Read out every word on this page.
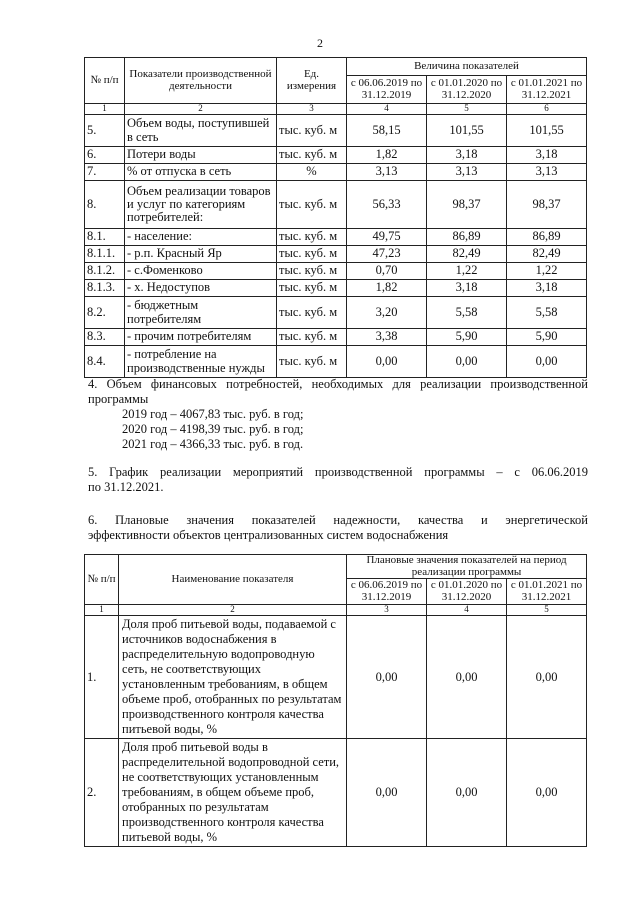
2
№ п/п	Показатели производственной деятельности	Ед. измерения	Величина показателей		
			с 06.06.2019 по 31.12.2019	с 01.01.2020 по 31.12.2020	с 01.01.2021 по 31.12.2021
1	2	3	4	5	6
5.	Объем воды, поступившей в сеть	тыс. куб. м	58,15	101,55	101,55
6.	Потери воды	тыс. куб. м	1,82	3,18	3,18
7.	% от отпуска в сеть	%	3,13	3,13	3,13
8.	Объем реализации товаров и услуг по категориям потребителей:	тыс. куб. м	56,33	98,37	98,37
8.1.	- население:	тыс. куб. м	49,75	86,89	86,89
8.1.1.	- р.п. Красный Яр	тыс. куб. м	47,23	82,49	82,49
8.1.2.	- с.Фоменково	тыс. куб. м	0,70	1,22	1,22
8.1.3.	- х. Недоступов	тыс. куб. м	1,82	3,18	3,18
8.2.	- бюджетным потребителям	тыс. куб. м	3,20	5,58	5,58
8.3.	- прочим потребителям	тыс. куб. м	3,38	5,90	5,90
8.4.	- потребление на производственные нужды	тыс. куб. м	0,00	0,00	0,00
4. Объем финансовых потребностей, необходимых для реализации производственной
программы
2019 год – 4067,83 тыс. руб. в год;
2020 год – 4198,39 тыс. руб. в год;
2021 год – 4366,33 тыс. руб. в год.
5. График реализации мероприятий производственной программы – с 06.06.2019
по 31.12.2021.
6. Плановые значения показателей надежности, качества и энергетической
эффективности объектов централизованных систем водоснабжения
№ п/п	Наименование показателя	Плановые значения показателей на период реализации программы		
		с 06.06.2019 по 31.12.2019	с 01.01.2020 по 31.12.2020	с 01.01.2021 по 31.12.2021
1	2	3	4	5
1.	Доля проб питьевой воды, подаваемой с источников водоснабжения в распределительную водопроводную сеть, не соответствующих установленным требованиям, в общем объеме проб, отобранных по результатам производственного контроля качества питьевой воды, %	0,00	0,00	0,00
2.	Доля проб питьевой воды в распределительной водопроводной сети, не соответствующих установленным требованиям, в общем объеме проб, отобранных по результатам производственного контроля качества питьевой воды, %	0,00	0,00	0,00
